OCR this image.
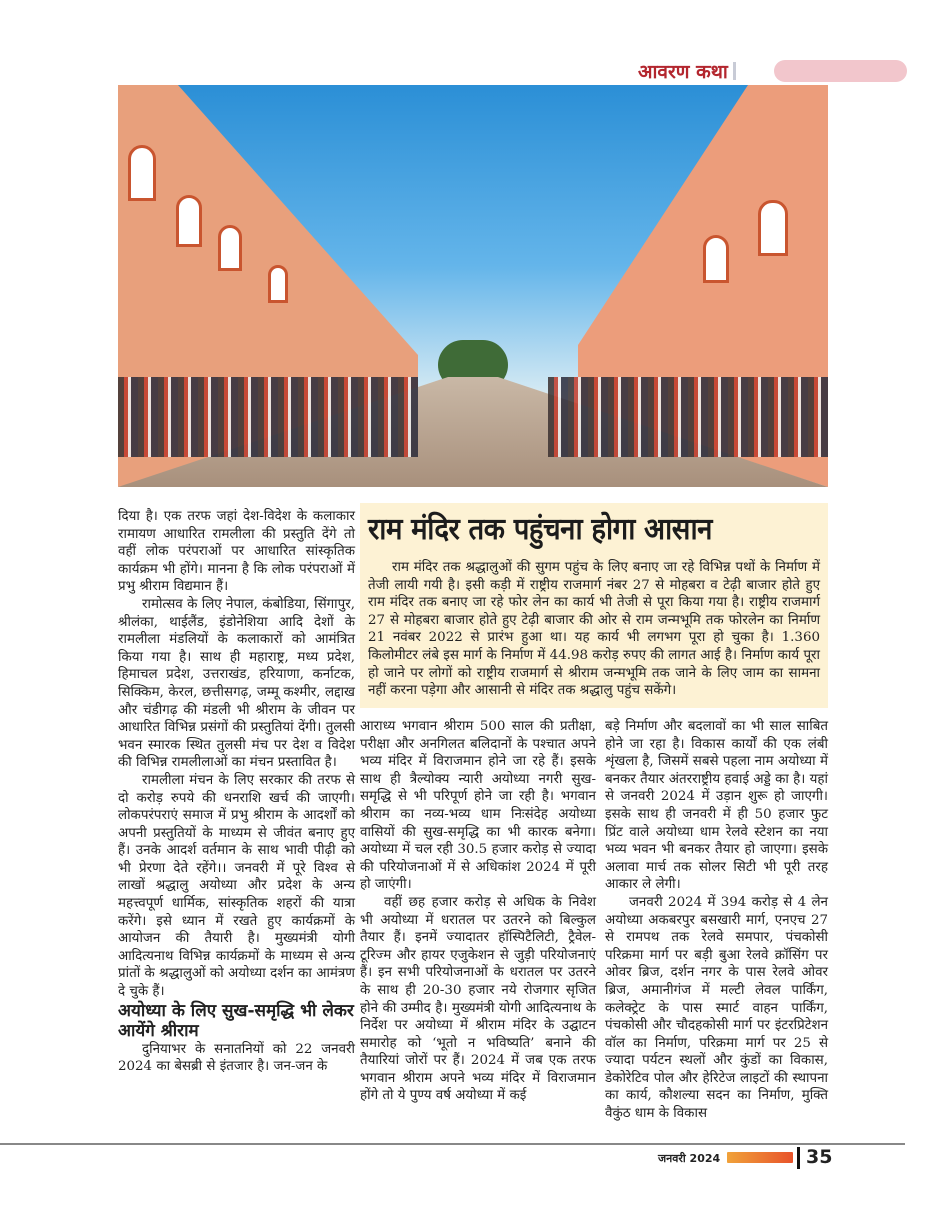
आवरण कथा

दिया है। एक तरफ जहां देश-विदेश के कलाकार रामायण आधारित रामलीला की प्रस्तुति देंगे तो वहीं लोक परंपराओं पर आधारित सांस्कृतिक कार्यक्रम भी होंगे। मानना है कि लोक परंपराओं में प्रभु श्रीराम विद्यमान हैं।

रामोत्सव के लिए नेपाल, कंबोडिया, सिंगापुर, श्रीलंका, थाईलैंड, इंडोनेशिया आदि देशों के रामलीला मंडलियों के कलाकारों को आमंत्रित किया गया है। साथ ही महाराष्ट्र, मध्य प्रदेश, हिमाचल प्रदेश, उत्तराखंड, हरियाणा, कर्नाटक, सिक्किम, केरल, छत्तीसगढ़, जम्मू कश्मीर, लद्दाख और चंडीगढ़ की मंडली भी श्रीराम के जीवन पर आधारित विभिन्न प्रसंगों की प्रस्तुतियां देंगी। तुलसी भवन स्मारक स्थित तुलसी मंच पर देश व विदेश की विभिन्न रामलीलाओं का मंचन प्रस्तावित है।

रामलीला मंचन के लिए सरकार की तरफ से दो करोड़ रुपये की धनराशि खर्च की जाएगी। लोकपरंपराएं समाज में प्रभु श्रीराम के आदर्शों को अपनी प्रस्तुतियों के माध्यम से जीवंत बनाए हुए हैं। उनके आदर्श वर्तमान के साथ भावी पीढ़ी को भी प्रेरणा देते रहेंगे।। जनवरी में पूरे विश्व से लाखों श्रद्धालु अयोध्या और प्रदेश के अन्य महत्त्वपूर्ण धार्मिक, सांस्कृतिक शहरों की यात्रा करेंगे। इसे ध्यान में रखते हुए कार्यक्रमों के आयोजन की तैयारी है। मुख्यमंत्री योगी आदित्यनाथ विभिन्न कार्यक्रमों के माध्यम से अन्य प्रांतों के श्रद्धालुओं को अयोध्या दर्शन का आमंत्रण दे चुके हैं।

अयोध्या के लिए सुख-समृद्धि भी लेकर आयेंगे श्रीराम

दुनियाभर के सनातनियों को 22 जनवरी 2024 का बेसब्री से इंतजार है। जन-जन के

राम मंदिर तक पहुंचना होगा आसान
राम मंदिर तक श्रद्धालुओं की सुगम पहुंच के लिए बनाए जा रहे विभिन्न पथों के निर्माण में तेजी लायी गयी है। इसी कड़ी में राष्ट्रीय राजमार्ग नंबर 27 से मोहबरा व टेढ़ी बाजार होते हुए राम मंदिर तक बनाए जा रहे फोर लेन का कार्य भी तेजी से पूरा किया गया है। राष्ट्रीय राजमार्ग 27 से मोहबरा बाजार होते हुए टेढ़ी बाजार की ओर से राम जन्मभूमि तक फोरलेन का निर्माण 21 नवंबर 2022 से प्रारंभ हुआ था। यह कार्य भी लगभग पूरा हो चुका है। 1.360 किलोमीटर लंबे इस मार्ग के निर्माण में 44.98 करोड़ रुपए की लागत आई है। निर्माण कार्य पूरा हो जाने पर लोगों को राष्ट्रीय राजमार्ग से श्रीराम जन्मभूमि तक जाने के लिए जाम का सामना नहीं करना पड़ेगा और आसानी से मंदिर तक श्रद्धालु पहुंच सकेंगे।

आराध्य भगवान श्रीराम 500 साल की प्रतीक्षा, परीक्षा और अनगिलत बलिदानों के पश्चात अपने भव्य मंदिर में विराजमान होने जा रहे हैं। इसके साथ ही त्रैल्योक्य न्यारी अयोध्या नगरी सुख-समृद्धि से भी परिपूर्ण होने जा रही है। भगवान श्रीराम का नव्य-भव्य धाम निःसंदेह अयोध्या वासियों की सुख-समृद्धि का भी कारक बनेगा। अयोध्या में चल रही 30.5 हजार करोड़ से ज्यादा की परियोजनाओं में से अधिकांश 2024 में पूरी हो जाएंगी।

वहीं छह हजार करोड़ से अधिक के निवेश भी अयोध्या में धरातल पर उतरने को बिल्कुल तैयार हैं। इनमें ज्यादातर हॉस्पिटैलिटी, ट्रैवेल-टूरिज्म और हायर एजुकेशन से जुड़ी परियोजनाएं हैं। इन सभी परियोजनाओं के धरातल पर उतरने के साथ ही 20-30 हजार नये रोजगार सृजित होने की उम्मीद है। मुख्यमंत्री योगी आदित्यनाथ के निर्देश पर अयोध्या में श्रीराम मंदिर के उद्घाटन समारोह को ‘भूतो न भविष्यति’ बनाने की तैयारियां जोरों पर हैं। 2024 में जब एक तरफ भगवान श्रीराम अपने भव्य मंदिर में विराजमान होंगे तो ये पुण्य वर्ष अयोध्या में कई

बड़े निर्माण और बदलावों का भी साल साबित होने जा रहा है। विकास कार्यों की एक लंबी शृंखला है, जिसमें सबसे पहला नाम अयोध्या में बनकर तैयार अंतरराष्ट्रीय हवाई अड्डे का है। यहां से जनवरी 2024 में उड़ान शुरू हो जाएगी। इसके साथ ही जनवरी में ही 50 हजार फुट प्रिंट वाले अयोध्या धाम रेलवे स्टेशन का नया भव्य भवन भी बनकर तैयार हो जाएगा। इसके अलावा मार्च तक सोलर सिटी भी पूरी तरह आकार ले लेगी।

जनवरी 2024 में 394 करोड़ से 4 लेन अयोध्या अकबरपुर बसखारी मार्ग, एनएच 27 से रामपथ तक रेलवे समपार, पंचकोसी परिक्रमा मार्ग पर बड़ी बुआ रेलवे क्रॉसिंग पर ओवर ब्रिज, दर्शन नगर के पास रेलवे ओवर ब्रिज, अमानीगंज में मल्टी लेवल पार्किंग, कलेक्ट्रेट के पास स्मार्ट वाहन पार्किंग, पंचकोसी और चौदहकोसी मार्ग पर इंटरप्रिटेशन वॉल का निर्माण, परिक्रमा मार्ग पर 25 से ज्यादा पर्यटन स्थलों और कुंडों का विकास, डेकोरेटिव पोल और हेरिटेज लाइटों की स्थापना का कार्य, कौशल्या सदन का निर्माण, मुक्ति वैकुंठ धाम के विकास

जनवरी 2024	35
